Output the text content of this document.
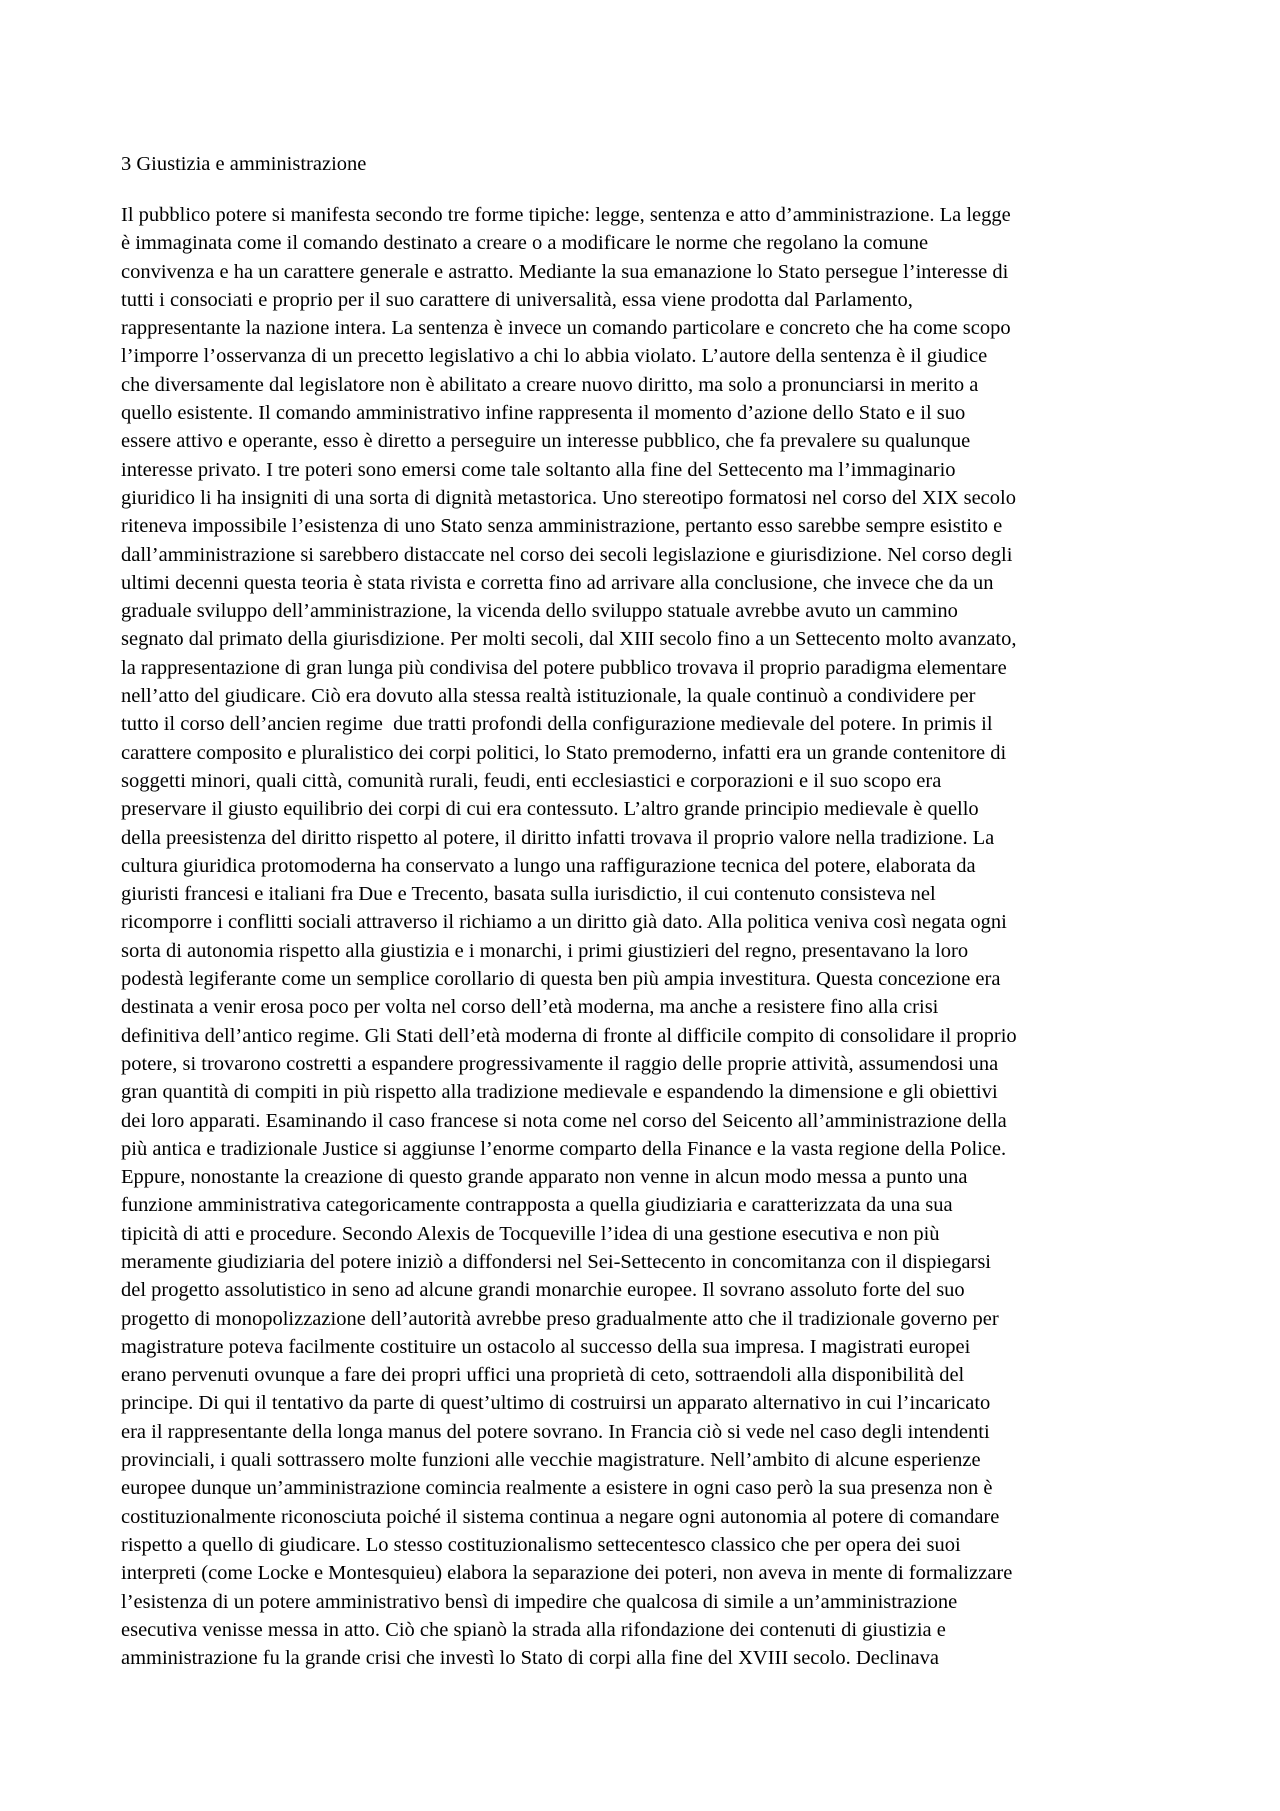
3 Giustizia e amministrazione
Il pubblico potere si manifesta secondo tre forme tipiche: legge, sentenza e atto d’amministrazione. La legge
è immaginata come il comando destinato a creare o a modificare le norme che regolano la comune
convivenza e ha un carattere generale e astratto. Mediante la sua emanazione lo Stato persegue l’interesse di
tutti i consociati e proprio per il suo carattere di universalità, essa viene prodotta dal Parlamento,
rappresentante la nazione intera. La sentenza è invece un comando particolare e concreto che ha come scopo
l’imporre l’osservanza di un precetto legislativo a chi lo abbia violato. L’autore della sentenza è il giudice
che diversamente dal legislatore non è abilitato a creare nuovo diritto, ma solo a pronunciarsi in merito a
quello esistente. Il comando amministrativo infine rappresenta il momento d’azione dello Stato e il suo
essere attivo e operante, esso è diretto a perseguire un interesse pubblico, che fa prevalere su qualunque
interesse privato. I tre poteri sono emersi come tale soltanto alla fine del Settecento ma l’immaginario
giuridico li ha insigniti di una sorta di dignità metastorica. Uno stereotipo formatosi nel corso del XIX secolo
riteneva impossibile l’esistenza di uno Stato senza amministrazione, pertanto esso sarebbe sempre esistito e
dall’amministrazione si sarebbero distaccate nel corso dei secoli legislazione e giurisdizione. Nel corso degli
ultimi decenni questa teoria è stata rivista e corretta fino ad arrivare alla conclusione, che invece che da un
graduale sviluppo dell’amministrazione, la vicenda dello sviluppo statuale avrebbe avuto un cammino
segnato dal primato della giurisdizione. Per molti secoli, dal XIII secolo fino a un Settecento molto avanzato,
la rappresentazione di gran lunga più condivisa del potere pubblico trovava il proprio paradigma elementare
nell’atto del giudicare. Ciò era dovuto alla stessa realtà istituzionale, la quale continuò a condividere per
tutto il corso dell’ancien regime  due tratti profondi della configurazione medievale del potere. In primis il
carattere composito e pluralistico dei corpi politici, lo Stato premoderno, infatti era un grande contenitore di
soggetti minori, quali città, comunità rurali, feudi, enti ecclesiastici e corporazioni e il suo scopo era
preservare il giusto equilibrio dei corpi di cui era contessuto. L’altro grande principio medievale è quello
della preesistenza del diritto rispetto al potere, il diritto infatti trovava il proprio valore nella tradizione. La
cultura giuridica protomoderna ha conservato a lungo una raffigurazione tecnica del potere, elaborata da
giuristi francesi e italiani fra Due e Trecento, basata sulla iurisdictio, il cui contenuto consisteva nel
ricomporre i conflitti sociali attraverso il richiamo a un diritto già dato. Alla politica veniva così negata ogni
sorta di autonomia rispetto alla giustizia e i monarchi, i primi giustizieri del regno, presentavano la loro
podestà legiferante come un semplice corollario di questa ben più ampia investitura. Questa concezione era
destinata a venir erosa poco per volta nel corso dell’età moderna, ma anche a resistere fino alla crisi
definitiva dell’antico regime. Gli Stati dell’età moderna di fronte al difficile compito di consolidare il proprio
potere, si trovarono costretti a espandere progressivamente il raggio delle proprie attività, assumendosi una
gran quantità di compiti in più rispetto alla tradizione medievale e espandendo la dimensione e gli obiettivi
dei loro apparati. Esaminando il caso francese si nota come nel corso del Seicento all’amministrazione della
più antica e tradizionale Justice si aggiunse l’enorme comparto della Finance e la vasta regione della Police.
Eppure, nonostante la creazione di questo grande apparato non venne in alcun modo messa a punto una
funzione amministrativa categoricamente contrapposta a quella giudiziaria e caratterizzata da una sua
tipicità di atti e procedure. Secondo Alexis de Tocqueville l’idea di una gestione esecutiva e non più
meramente giudiziaria del potere iniziò a diffondersi nel Sei-Settecento in concomitanza con il dispiegarsi
del progetto assolutistico in seno ad alcune grandi monarchie europee. Il sovrano assoluto forte del suo
progetto di monopolizzazione dell’autorità avrebbe preso gradualmente atto che il tradizionale governo per
magistrature poteva facilmente costituire un ostacolo al successo della sua impresa. I magistrati europei
erano pervenuti ovunque a fare dei propri uffici una proprietà di ceto, sottraendoli alla disponibilità del
principe. Di qui il tentativo da parte di quest’ultimo di costruirsi un apparato alternativo in cui l’incaricato
era il rappresentante della longa manus del potere sovrano. In Francia ciò si vede nel caso degli intendenti
provinciali, i quali sottrassero molte funzioni alle vecchie magistrature. Nell’ambito di alcune esperienze
europee dunque un’amministrazione comincia realmente a esistere in ogni caso però la sua presenza non è
costituzionalmente riconosciuta poiché il sistema continua a negare ogni autonomia al potere di comandare
rispetto a quello di giudicare. Lo stesso costituzionalismo settecentesco classico che per opera dei suoi
interpreti (come Locke e Montesquieu) elabora la separazione dei poteri, non aveva in mente di formalizzare
l’esistenza di un potere amministrativo bensì di impedire che qualcosa di simile a un’amministrazione
esecutiva venisse messa in atto. Ciò che spianò la strada alla rifondazione dei contenuti di giustizia e
amministrazione fu la grande crisi che investì lo Stato di corpi alla fine del XVIII secolo. Declinava
